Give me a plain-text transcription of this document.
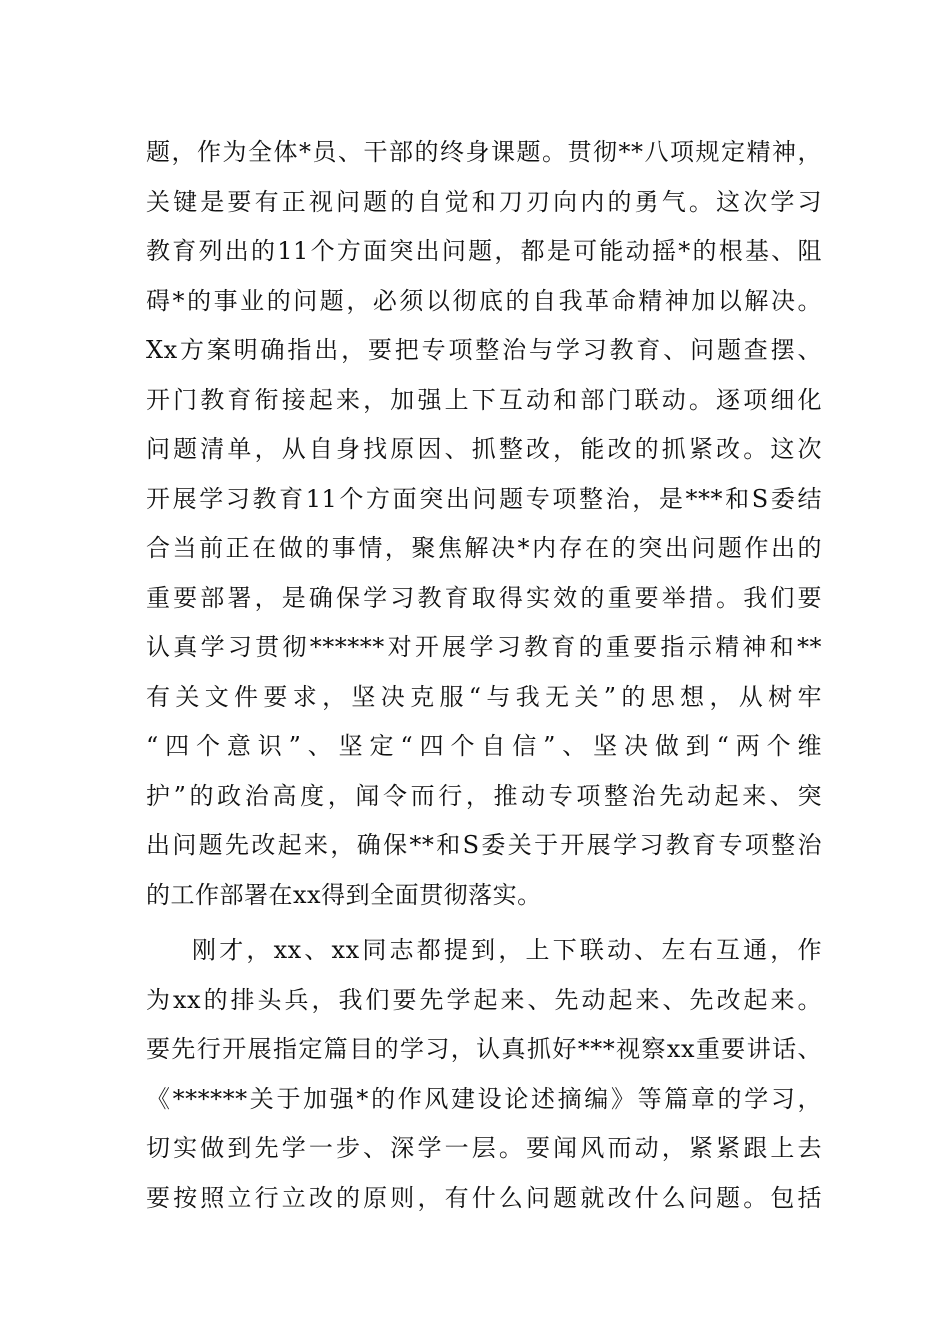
题，作为全体*员、干部的终身课题。贯彻**八项规定精神，
关键是要有正视问题的自觉和刀刃向内的勇气。这次学习
教育列出的11个方面突出问题，都是可能动摇*的根基、阻
碍*的事业的问题，必须以彻底的自我革命精神加以解决。
Xx方案明确指出，要把专项整治与学习教育、问题查摆、
开门教育衔接起来，加强上下互动和部门联动。逐项细化
问题清单，从自身找原因、抓整改，能改的抓紧改。这次
开展学习教育11个方面突出问题专项整治，是***和S委结
合当前正在做的事情，聚焦解决*内存在的突出问题作出的
重要部署，是确保学习教育取得实效的重要举措。我们要
认真学习贯彻******对开展学习教育的重要指示精神和**
有关文件要求，坚决克服“与我无关”的思想，从树牢
“四个意识”、坚定“四个自信”、坚决做到“两个维
护”的政治高度，闻令而行，推动专项整治先动起来、突
出问题先改起来，确保**和S委关于开展学习教育专项整治
的工作部署在xx得到全面贯彻落实。
刚才，xx、xx同志都提到，上下联动、左右互通，作
为xx的排头兵，我们要先学起来、先动起来、先改起来。
要先行开展指定篇目的学习，认真抓好***视察xx重要讲话、
《******关于加强*的作风建设论述摘编》等篇章的学习，
切实做到先学一步、深学一层。要闻风而动，紧紧跟上去
要按照立行立改的原则，有什么问题就改什么问题。包括
